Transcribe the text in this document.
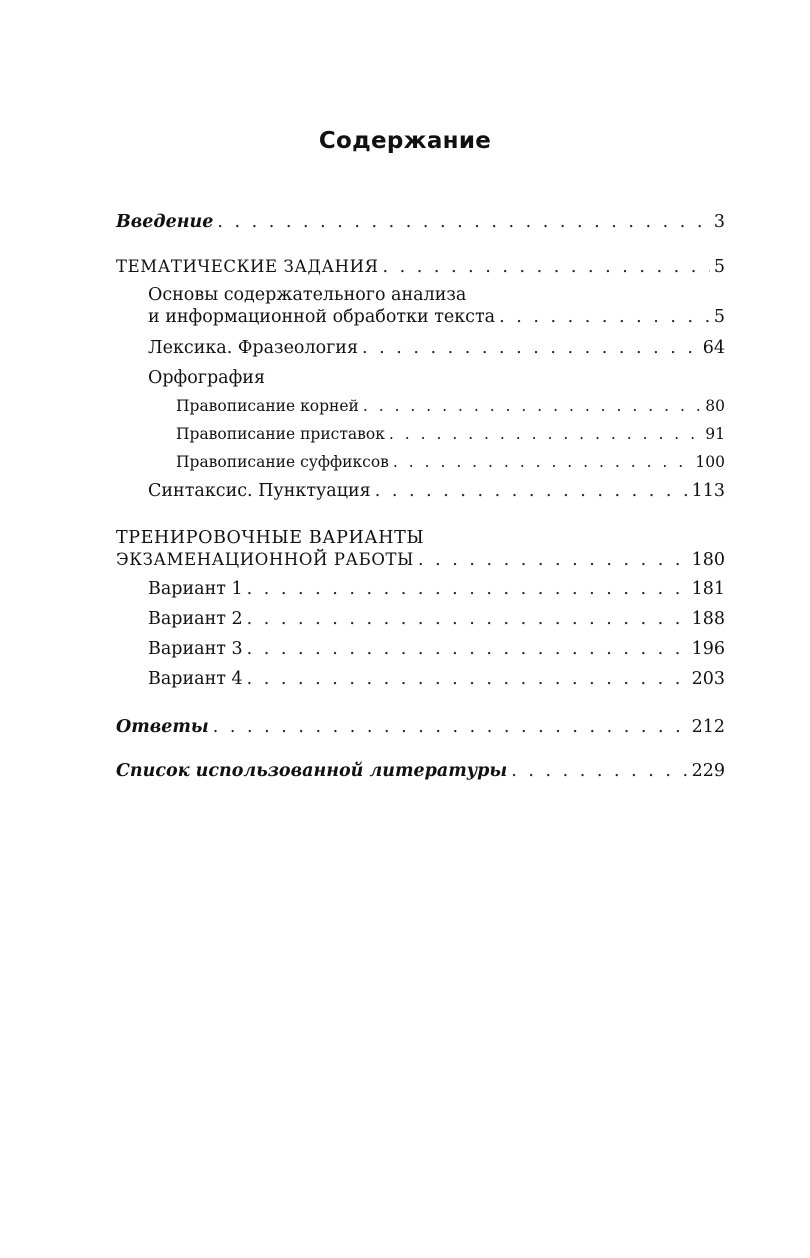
Содержание
Введение . . .	3
ТЕМАТИЧЕСКИЕ ЗАДАНИЯ . . .	5
Основы содержательного анализа
и информационной обработки текста . . .	5
Лексика. Фразеология . . .	64
Орфография
Правописание корней . . .	80
Правописание приставок . . .	91
Правописание суффиксов . . .	100
Синтаксис. Пунктуация . . .	113
ТРЕНИРОВОЧНЫЕ ВАРИАНТЫ
ЭКЗАМЕНАЦИОННОЙ РАБОТЫ . . .	180
Вариант 1 . . .	181
Вариант 2 . . .	188
Вариант 3 . . .	196
Вариант 4 . . .	203
Ответы . . .	212
Список использованной литературы . . .	229
